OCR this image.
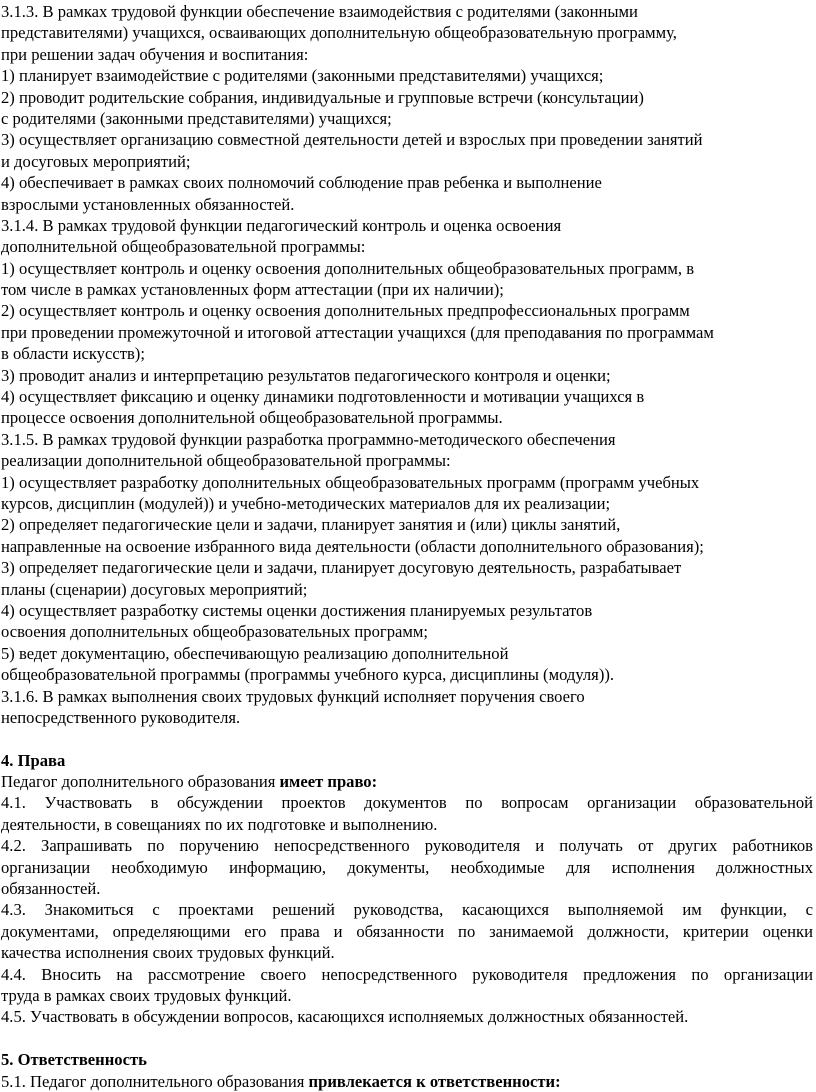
3.1.3. В рамках трудовой функции обеспечение взаимодействия с родителями (законными
представителями) учащихся, осваивающих дополнительную общеобразовательную программу,
при решении задач обучения и воспитания:
1) планирует взаимодействие с родителями (законными представителями) учащихся;
2) проводит родительские собрания, индивидуальные и групповые встречи (консультации)
с родителями (законными представителями) учащихся;
3) осуществляет организацию совместной деятельности детей и взрослых при проведении занятий
и досуговых мероприятий;
4) обеспечивает в рамках своих полномочий соблюдение прав ребенка и выполнение
взрослыми установленных обязанностей.
3.1.4. В рамках трудовой функции педагогический контроль и оценка освоения
дополнительной общеобразовательной программы:
1) осуществляет контроль и оценку освоения дополнительных общеобразовательных программ, в
том числе в рамках установленных форм аттестации (при их наличии);
2) осуществляет контроль и оценку освоения дополнительных предпрофессиональных программ
при проведении промежуточной и итоговой аттестации учащихся (для преподавания по программам
в области искусств);
3) проводит анализ и интерпретацию результатов педагогического контроля и оценки;
4) осуществляет фиксацию и оценку динамики подготовленности и мотивации учащихся в
процессе освоения дополнительной общеобразовательной программы.
3.1.5. В рамках трудовой функции разработка программно-методического обеспечения
реализации дополнительной общеобразовательной программы:
1) осуществляет разработку дополнительных общеобразовательных программ (программ учебных
курсов, дисциплин (модулей)) и учебно-методических материалов для их реализации;
2) определяет педагогические цели и задачи, планирует занятия и (или) циклы занятий,
направленные на освоение избранного вида деятельности (области дополнительного образования);
3) определяет педагогические цели и задачи, планирует досуговую деятельность, разрабатывает
планы (сценарии) досуговых мероприятий;
4) осуществляет разработку системы оценки достижения планируемых результатов
освоения дополнительных общеобразовательных программ;
5) ведет документацию, обеспечивающую реализацию дополнительной
общеобразовательной программы (программы учебного курса, дисциплины (модуля)).
3.1.6. В рамках выполнения своих трудовых функций исполняет поручения своего
непосредственного руководителя.
4. Права
Педагог дополнительного образования имеет право:
4.1. Участвовать в обсуждении проектов документов по вопросам организации образовательной
деятельности, в совещаниях по их подготовке и выполнению.
4.2. Запрашивать по поручению непосредственного руководителя и получать от других работников
организации необходимую информацию, документы, необходимые для исполнения должностных
обязанностей.
4.3. Знакомиться с проектами решений руководства, касающихся выполняемой им функции, с
документами, определяющими его права и обязанности по занимаемой должности, критерии оценки
качества исполнения своих трудовых функций.
4.4. Вносить на рассмотрение своего непосредственного руководителя предложения по организации
труда в рамках своих трудовых функций.
4.5. Участвовать в обсуждении вопросов, касающихся исполняемых должностных обязанностей.
5. Ответственность
5.1. Педагог дополнительного образования привлекается к ответственности:
